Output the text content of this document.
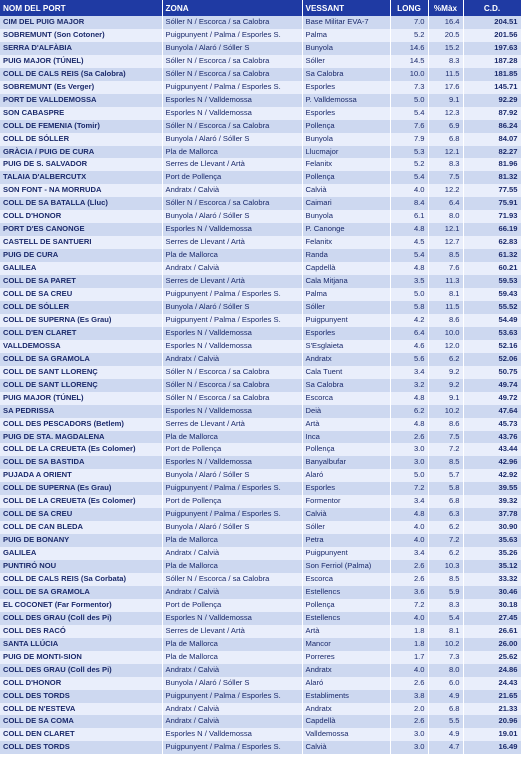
NOM DEL PORT	ZONA	VESSANT	LONG	%Màx	C.D.
CIM DEL PUIG MAJOR	Sóller N / Escorca / sa Calobra	Base Militar EVA-7	7.0	16.4	204.51
SOBREMUNT (Son Cotoner)	Puigpunyent / Palma / Esporles S.	Palma	5.2	20.5	201.56
SERRA D'ALFÀBIA	Bunyola / Alaró / Sóller S	Bunyola	14.6	15.2	197.63
PUIG MAJOR (TÚNEL)	Sóller N / Escorca / sa Calobra	Sóller	14.5	8.3	187.28
COLL DE CALS REIS (Sa Calobra)	Sóller N / Escorca / sa Calobra	Sa Calobra	10.0	11.5	181.85
SOBREMUNT (Es Verger)	Puigpunyent / Palma / Esporles S.	Esporles	7.3	17.6	145.71
PORT DE VALLDEMOSSA	Esporles N / Valldemossa	P. Valldemossa	5.0	9.1	92.29
SON CABASPRE	Esporles N / Valldemossa	Esporles	5.4	12.3	87.92
COLL DE FEMENIA (Tomir)	Sóller N / Escorca / sa Calobra	Pollença	7.6	6.9	86.24
COLL DE SÓLLER	Bunyola / Alaró / Sóller S	Bunyola	7.9	6.8	84.07
GRÀCIA / PUIG DE CURA	Pla de Mallorca	Llucmajor	5.3	12.1	82.27
PUIG DE S. SALVADOR	Serres de Llevant / Artà	Felanitx	5.2	8.3	81.96
TALAIA D'ALBERCUTX	Port de Pollença	Pollença	5.4	7.5	81.32
SON FONT - NA MORRUDA	Andratx / Calvià	Calvià	4.0	12.2	77.55
COLL DE SA BATALLA (Lluc)	Sóller N / Escorca / sa Calobra	Caimari	8.4	6.4	75.91
COLL D'HONOR	Bunyola / Alaró / Sóller S	Bunyola	6.1	8.0	71.93
PORT D'ES CANONGE	Esporles N / Valldemossa	P. Canonge	4.8	12.1	66.19
CASTELL DE SANTUERI	Serres de Llevant / Artà	Felanitx	4.5	12.7	62.83
PUIG DE CURA	Pla de Mallorca	Randa	5.4	8.5	61.32
GALILEA	Andratx / Calvià	Capdellà	4.8	7.6	60.21
COLL DE SA PARET	Serres de Llevant / Artà	Cala Mitjana	3.5	11.3	59.53
COLL DE SA CREU	Puigpunyent / Palma / Esporles S.	Palma	5.0	8.1	59.43
COLL DE SÓLLER	Bunyola / Alaró / Sóller S	Sóller	5.8	11.5	55.52
COLL DE SUPERNA (Es Grau)	Puigpunyent / Palma / Esporles S.	Puigpunyent	4.2	8.6	54.49
COLL D'EN CLARET	Esporles N / Valldemossa	Esporles	6.4	10.0	53.63
VALLDEMOSSA	Esporles N / Valldemossa	S'Esglaieta	4.6	12.0	52.16
COLL DE SA GRAMOLA	Andratx / Calvià	Andratx	5.6	6.2	52.06
COLL DE SANT LLORENÇ	Sóller N / Escorca / sa Calobra	Cala Tuent	3.4	9.2	50.75
COLL DE SANT LLORENÇ	Sóller N / Escorca / sa Calobra	Sa Calobra	3.2	9.2	49.74
PUIG MAJOR (TÚNEL)	Sóller N / Escorca / sa Calobra	Escorca	4.8	9.1	49.72
SA PEDRISSA	Esporles N / Valldemossa	Deià	6.2	10.2	47.64
COLL DES PESCADORS (Betlem)	Serres de Llevant / Artà	Artà	4.8	8.6	45.73
PUIG DE STA. MAGDALENA	Pla de Mallorca	Inca	2.6	7.5	43.76
COLL DE LA CREUETA (Es Colomer)	Port de Pollença	Pollença	3.0	7.2	43.44
COLL DE SA BASTIDA	Esporles N / Valldemossa	Banyalbufar	3.0	8.5	42.96
PUJADA A ORIENT	Bunyola / Alaró / Sóller S	Alaró	5.0	5.7	42.92
COLL DE SUPERNA (Es Grau)	Puigpunyent / Palma / Esporles S.	Esporles	7.2	5.8	39.55
COLL DE LA CREUETA (Es Colomer)	Port de Pollença	Formentor	3.4	6.8	39.32
COLL DE SA CREU	Puigpunyent / Palma / Esporles S.	Calvià	4.8	6.3	37.78
COLL DE CAN BLEDA	Bunyola / Alaró / Sóller S	Sóller	4.0	6.2	30.90
PUIG DE BONANY	Pla de Mallorca	Petra	4.0	7.2	35.63
GALILEA	Andratx / Calvià	Puigpunyent	3.4	6.2	35.26
PUNTIRÓ NOU	Pla de Mallorca	Son Ferriol (Palma)	2.6	10.3	35.12
COLL DE CALS REIS (Sa Corbata)	Sóller N / Escorca / sa Calobra	Escorca	2.6	8.5	33.32
COLL DE SA GRAMOLA	Andratx / Calvià	Estellencs	3.6	5.9	30.46
EL COCONET (Far Formentor)	Port de Pollença	Pollença	7.2	8.3	30.18
COLL DES GRAU (Coll des Pi)	Esporles N / Valldemossa	Estellencs	4.0	5.4	27.45
COLL DES RACÓ	Serres de Llevant / Artà	Artà	1.8	8.1	26.61
SANTA LLÚCIA	Pla de Mallorca	Mancor	1.8	10.2	26.00
PUIG DE MONTI-SION	Pla de Mallorca	Porreres	1.7	7.3	25.62
COLL DES GRAU (Coll des Pi)	Andratx / Calvià	Andratx	4.0	8.0	24.86
COLL D'HONOR	Bunyola / Alaró / Sóller S	Alaró	2.6	6.0	24.43
COLL DES TORDS	Puigpunyent / Palma / Esporles S.	Establiments	3.8	4.9	21.65
COLL DE N'ESTEVA	Andratx / Calvià	Andratx	2.0	6.8	21.33
COLL DE SA COMA	Andratx / Calvià	Capdellà	2.6	5.5	20.96
COLL DEN CLARET	Esporles N / Valldemossa	Valldemossa	3.0	4.9	19.01
COLL DES TORDS	Puigpunyent / Palma / Esporles S.	Calvià	3.0	4.7	16.49
